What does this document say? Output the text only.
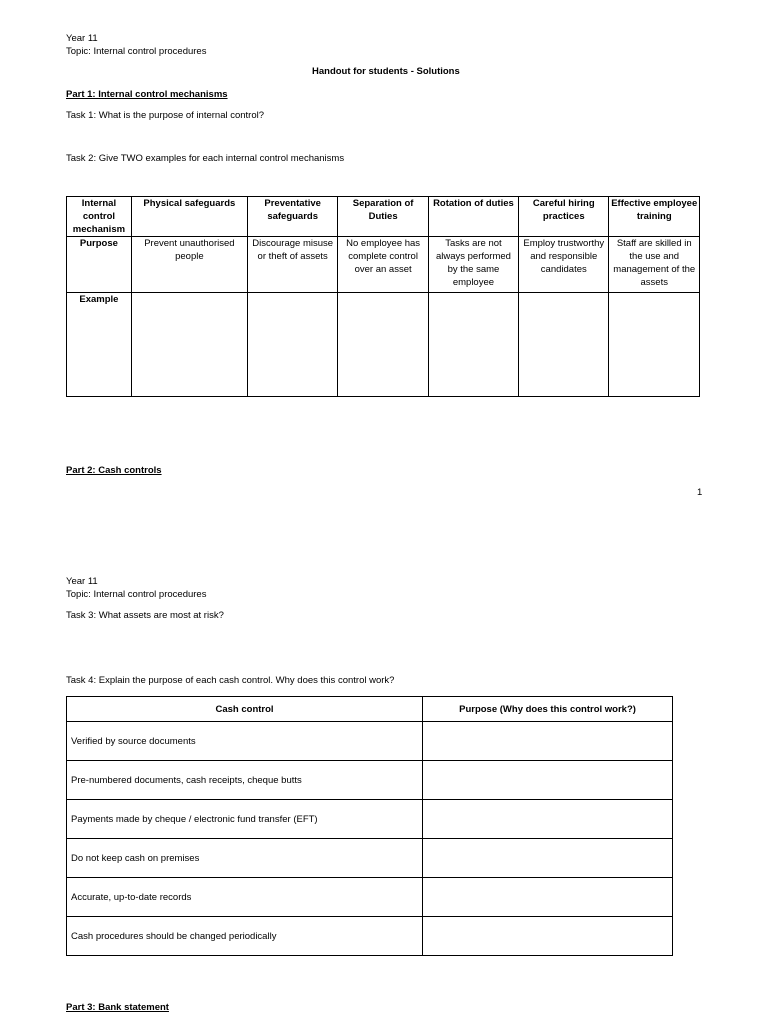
Year 11
Topic: Internal control procedures
Handout for students - Solutions
Part 1: Internal control mechanisms
Task 1: What is the purpose of internal control?
Task 2: Give TWO examples for each internal control mechanisms
Internal control mechanism	Physical safeguards	Preventative safeguards	Separation of Duties	Rotation of duties	Careful hiring practices	Effective employee training
Purpose	Prevent unauthorised people	Discourage misuse or theft of assets	No employee has complete control over an asset	Tasks are not always performed by the same employee	Employ trustworthy and responsible candidates	Staff are skilled in the use and management of the assets
Example						
Part 2: Cash controls
1
Year 11
Topic: Internal control procedures
Task 3: What assets are most at risk?
Task 4: Explain the purpose of each cash control. Why does this control work?
Cash control	Purpose (Why does this control work?)
Verified by source documents	
Pre-numbered documents, cash receipts, cheque butts	
Payments made by cheque / electronic fund transfer (EFT)	
Do not keep cash on premises	
Accurate, up-to-date records	
Cash procedures should be changed periodically	
Part 3: Bank statement
